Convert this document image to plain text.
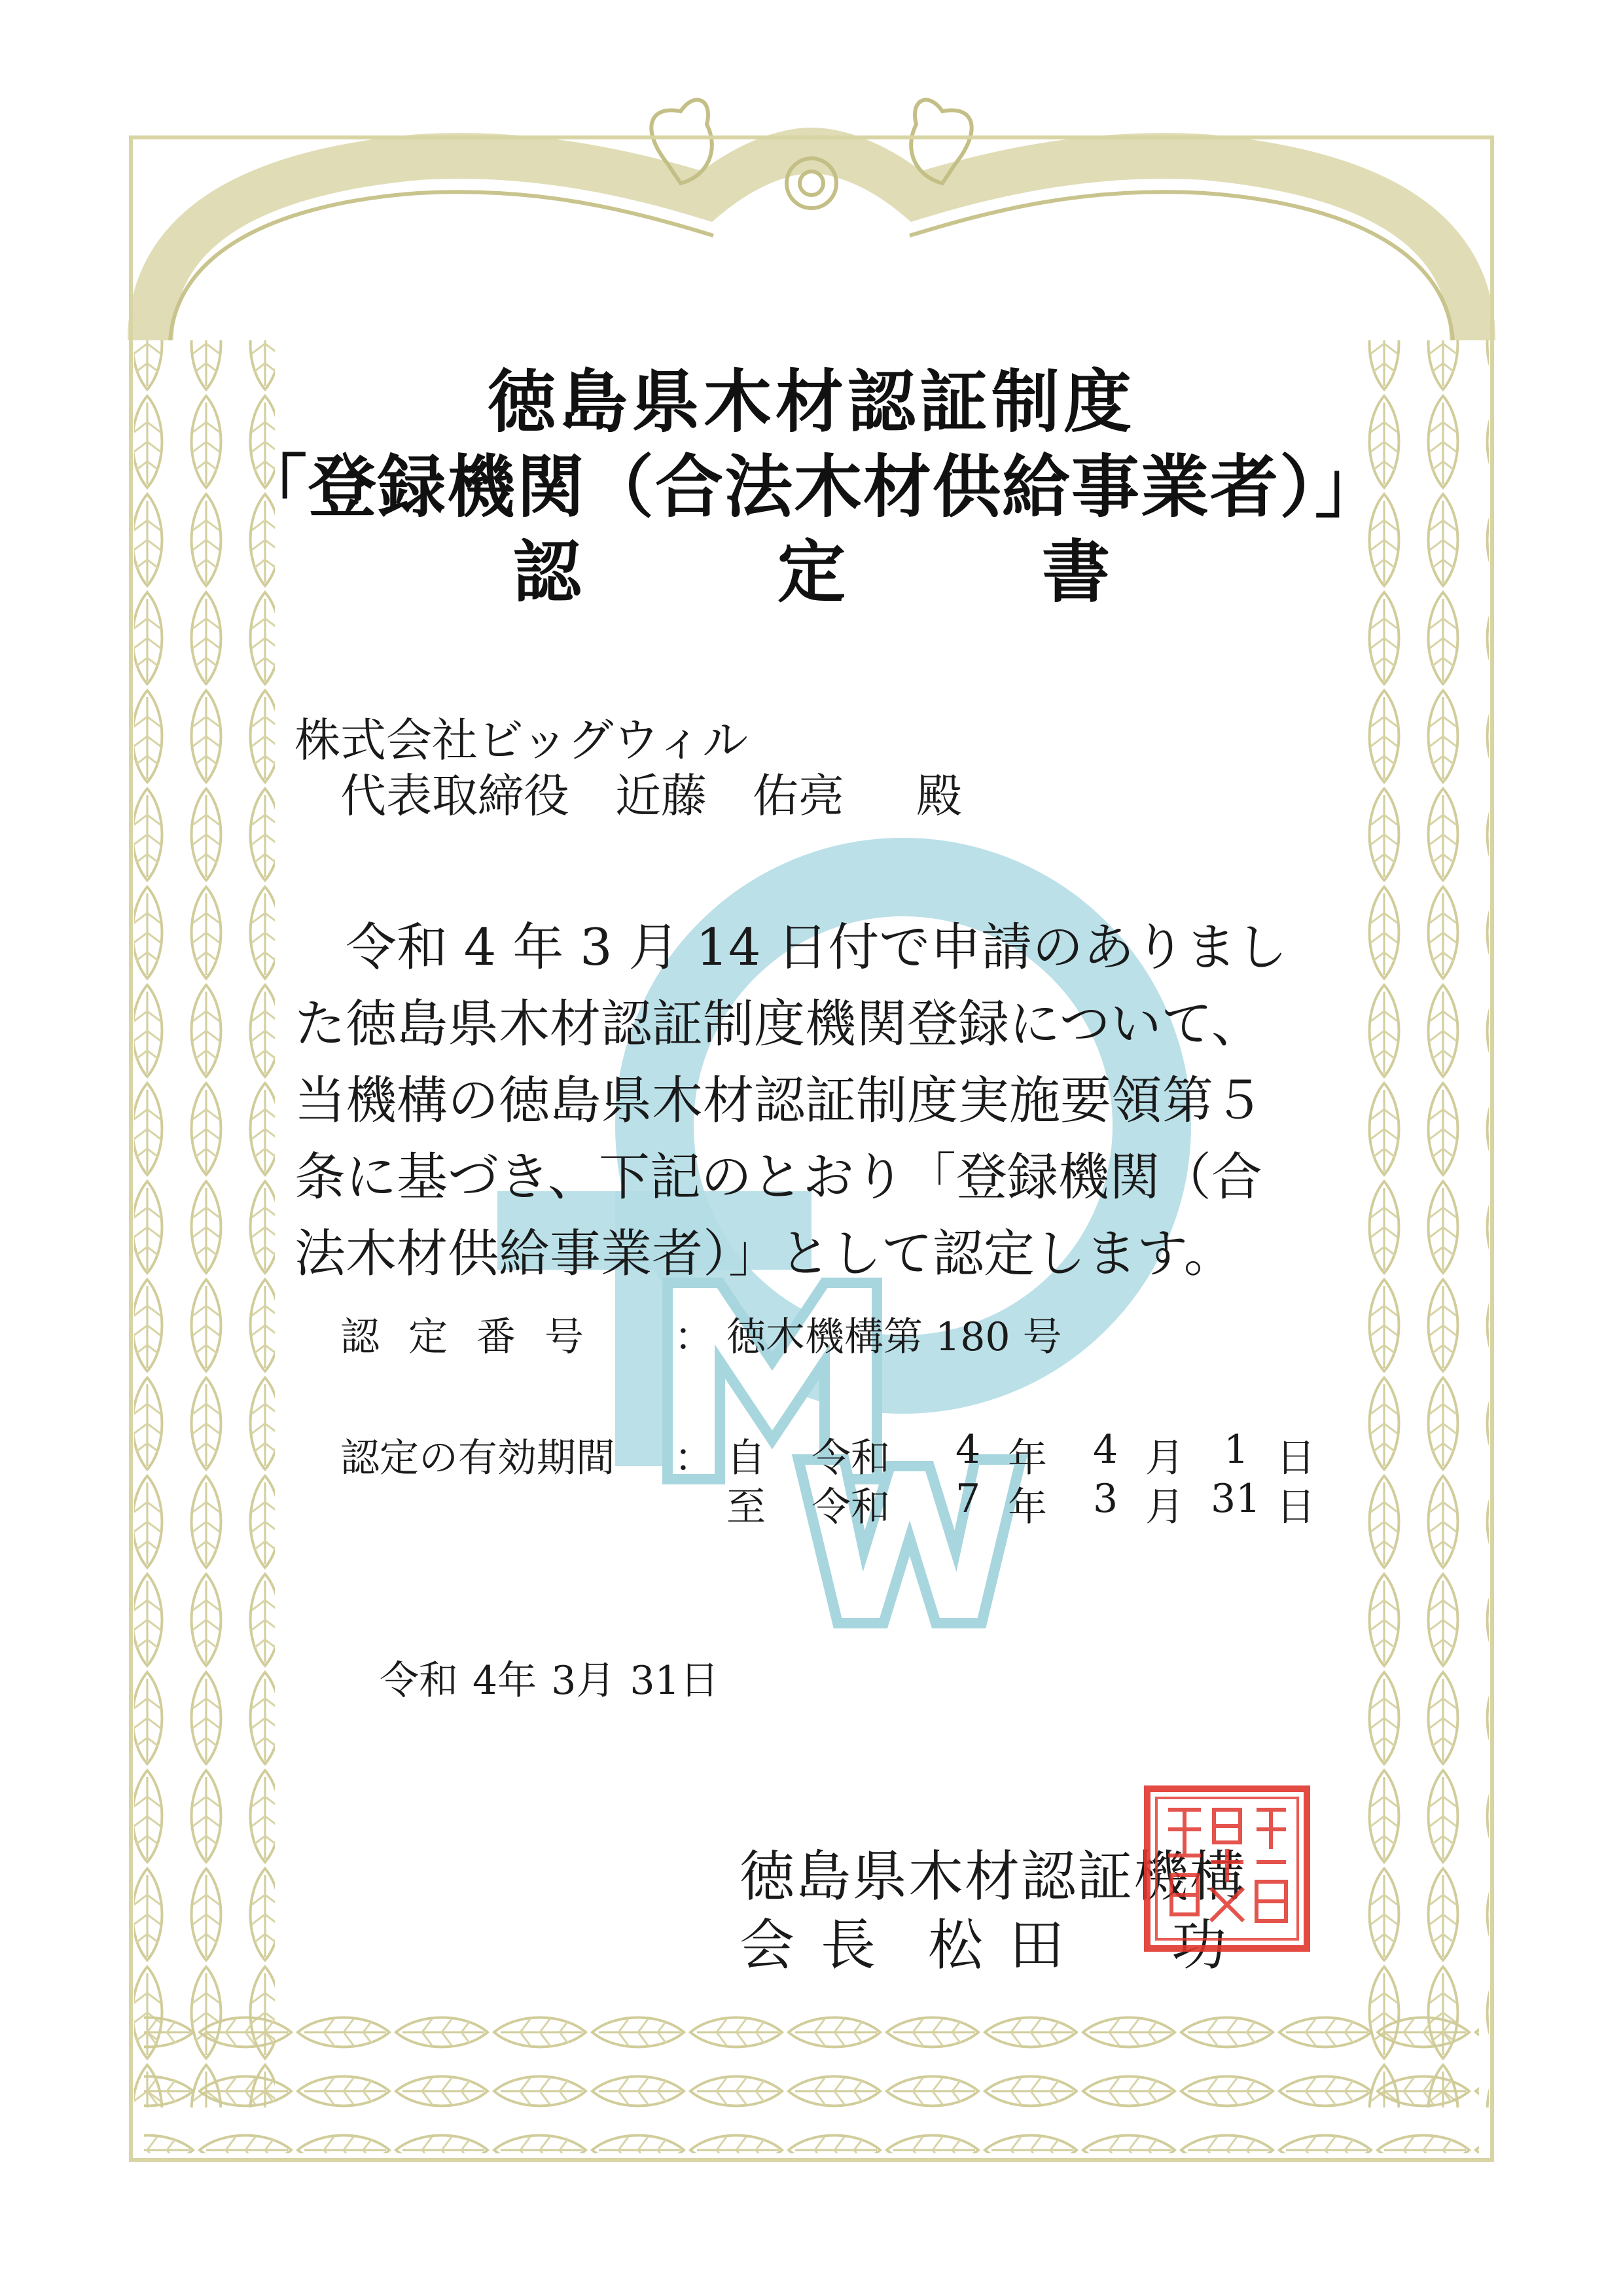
徳島県木材認証制度
「登録機関（合法木材供給事業者）」
認定書
株式会社ビッグウィル
代表取締役 近藤　佑亮 殿
令和 4 年 3 月 14 日付で申請のありまし
た徳島県木材認証制度機関登録について、
当機構の徳島県木材認証制度実施要領第５
条に基づき、下記のとおり「登録機関（合
法木材供給事業者）」として認定します。
認定番号 ： 徳木機構第 180 号
認定の有効期間 ： 自 令和 4 年 4 月 1 日
至 令和 7 年 3 月 31 日
令和 4年 3月 31日
徳島県木材認証機構
会長 松田　功
